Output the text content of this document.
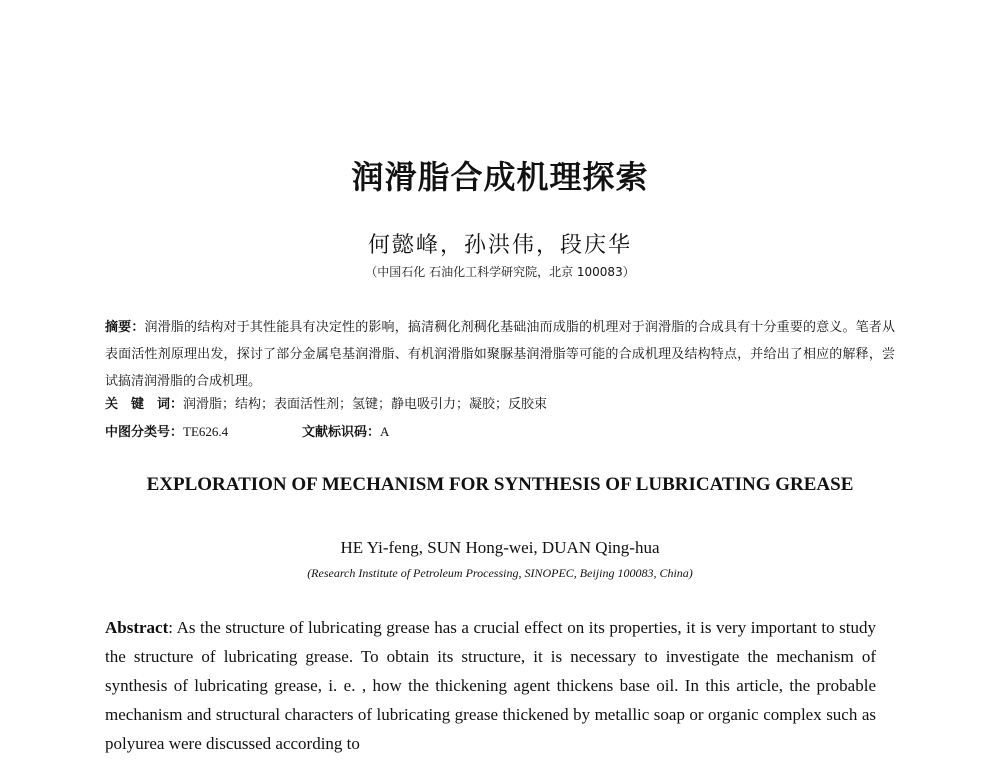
润滑脂合成机理探索
何懿峰，孙洪伟，段庆华
（中国石化 石油化工科学研究院，北京 100083）
摘要：润滑脂的结构对于其性能具有决定性的影响，搞清稠化剂稠化基础油而成脂的机理对于润滑脂的合成具有十分重要的意义。笔者从表面活性剂原理出发，探讨了部分金属皂基润滑脂、有机润滑脂如聚脲基润滑脂等可能的合成机理及结构特点，并给出了相应的解释，尝试搞清润滑脂的合成机理。
关　键　词：润滑脂；结构；表面活性剂；氢键；静电吸引力；凝胶；反胶束
中图分类号：TE626.4	文献标识码：A
EXPLORATION OF MECHANISM FOR SYNTHESIS OF LUBRICATING GREASE
HE Yi-feng, SUN Hong-wei, DUAN Qing-hua
(Research Institute of Petroleum Processing, SINOPEC, Beijing 100083, China)
Abstract: As the structure of lubricating grease has a crucial effect on its properties, it is very important to study the structure of lubricating grease. To obtain its structure, it is necessary to investigate the mechanism of synthesis of lubricating grease, i. e. , how the thickening agent thickens base oil. In this article, the probable mechanism and structural characters of lubricating grease thickened by metallic soap or organic complex such as polyurea were discussed according to
